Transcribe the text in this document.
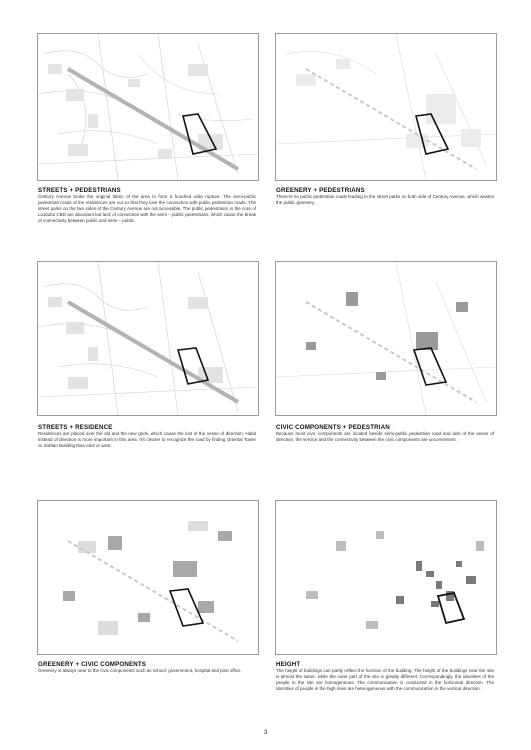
STREETS + PEDESTRIANS
Century Avenue broke the original fabric of the area to form a hundred wide rupture. The semi-public pedestrian roads of the residences are cut so that they lose the connection with public pedestrian roads. The street parks on the two sides of the Century Avenue are not accessible. The public pedestrians in the core of LuJiaZui CBD are abundant but lack of connection with the semi – public pedestrians, which cause the break of connectivity between public and semi – public.
GREENERY + PEDESTRIANS
There're no public pedestrian roads leading to the street parks on both side of Century Avenue, which wastes the public greenery.
STREETS + RESIDENCE
Residences are placed over the old and the new grids, which cause the lost of the sense of direction. Habit instead of direction is more important in this area. It's clearer to recognize the road by finding Oriental Tower or JinMao Building than east or west.
CIVIC COMPONENTS + PEDESTRIAN
Because most civic components are located beside semi-public pedestrian road and lack of the sense of direction, the service and the connectivity between the civic components are unconvenient.
GREENERY + CIVIC COMPONENTS
Greenery is always near to the civic components such as school, government, hospital and post office.
HEIGHT
The height of buildings can partly reflect the function of the building. The height of the buildings near the site is almost the same, while the outer part of the site is greatly different. Correspondingly, the identities of the people in the site are homogeneous. The communication is conducted in the horizontal direction. The identities of people in the high rises are heterogeneous with the communication in the vertical direction.
3
